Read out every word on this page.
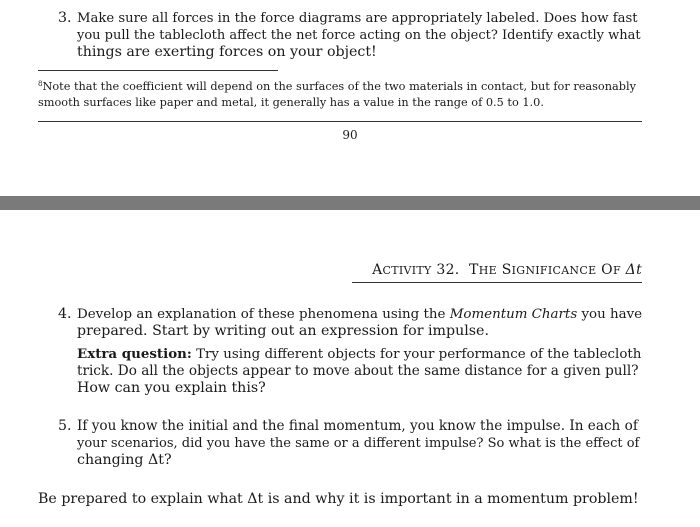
3. Make sure all forces in the force diagrams are appropriately labeled. Does how fast
you pull the tablecloth affect the net force acting on the object? Identify exactly what
things are exerting forces on your object!
$^8$Note that the coefficient will depend on the surfaces of the two materials in contact, but for reasonably
smooth surfaces like paper and metal, it generally has a value in the range of 0.5 to 1.0.
90
ACTIVITY 32. THE SIGNIFICANCE OF Δt
4. Develop an explanation of these phenomena using the Momentum Charts you have
prepared. Start by writing out an expression for impulse.
Extra question: Try using different objects for your performance of the tablecloth
trick. Do all the objects appear to move about the same distance for a given pull?
How can you explain this?
5. If you know the initial and the final momentum, you know the impulse. In each of
your scenarios, did you have the same or a different impulse? So what is the effect of
changing Δt?
Be prepared to explain what Δt is and why it is important in a momentum problem!
